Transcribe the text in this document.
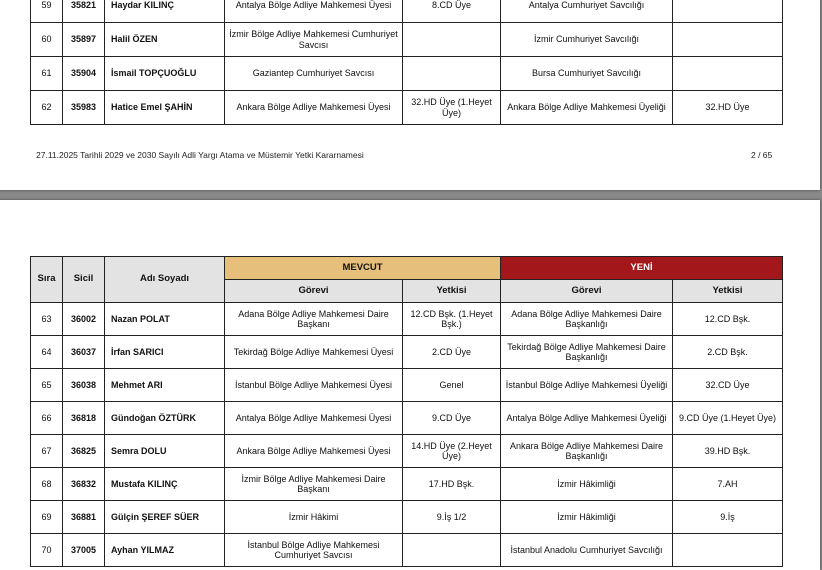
59	35821	Haydar KILINÇ	Antalya Bölge Adliye Mahkemesi Üyesi	8.CD Üye	Antalya Cumhuriyet Savcılığı	
60	35897	Halil ÖZEN	İzmir Bölge Adliye Mahkemesi Cumhuriyet Savcısı		İzmir Cumhuriyet Savcılığı	
61	35904	İsmail TOPÇUOĞLU	Gaziantep Cumhuriyet Savcısı		Bursa Cumhuriyet Savcılığı	
62	35983	Hatice Emel ŞAHİN	Ankara Bölge Adliye Mahkemesi Üyesi	32.HD Üye (1.Heyet Üye)	Ankara Bölge Adliye Mahkemesi Üyeliği	32.HD Üye
27.11.2025 Tarihli 2029 ve 2030 Sayılı Adli Yargı Atama ve Müstemir Yetki Kararnamesi	2 / 65
Sıra	Sicil	Adı Soyadı	MEVCUT		YENİ	
			Görevi	Yetkisi	Görevi	Yetkisi
63	36002	Nazan POLAT	Adana Bölge Adliye Mahkemesi Daire Başkanı	12.CD Bşk. (1.Heyet Bşk.)	Adana Bölge Adliye Mahkemesi Daire Başkanlığı	12.CD Bşk.
64	36037	İrfan SARICI	Tekirdağ Bölge Adliye Mahkemesi Üyesi	2.CD Üye	Tekirdağ Bölge Adliye Mahkemesi Daire Başkanlığı	2.CD Bşk.
65	36038	Mehmet ARI	İstanbul Bölge Adliye Mahkemesi Üyesi	Genel	İstanbul Bölge Adliye Mahkemesi Üyeliği	32.CD Üye
66	36818	Gündoğan ÖZTÜRK	Antalya Bölge Adliye Mahkemesi Üyesi	9.CD Üye	Antalya Bölge Adliye Mahkemesi Üyeliği	9.CD Üye (1.Heyet Üye)
67	36825	Semra DOLU	Ankara Bölge Adliye Mahkemesi Üyesi	14.HD Üye (2.Heyet Üye)	Ankara Bölge Adliye Mahkemesi Daire Başkanlığı	39.HD Bşk.
68	36832	Mustafa KILINÇ	İzmir Bölge Adliye Mahkemesi Daire Başkanı	17.HD Bşk.	İzmir Hâkimliği	7.AH
69	36881	Gülçin ŞEREF SÜER	İzmir Hâkimi	9.İş 1/2	İzmir Hâkimliği	9.İş
70	37005	Ayhan YILMAZ	İstanbul Bölge Adliye Mahkemesi Cumhuriyet Savcısı		İstanbul Anadolu Cumhuriyet Savcılığı	
